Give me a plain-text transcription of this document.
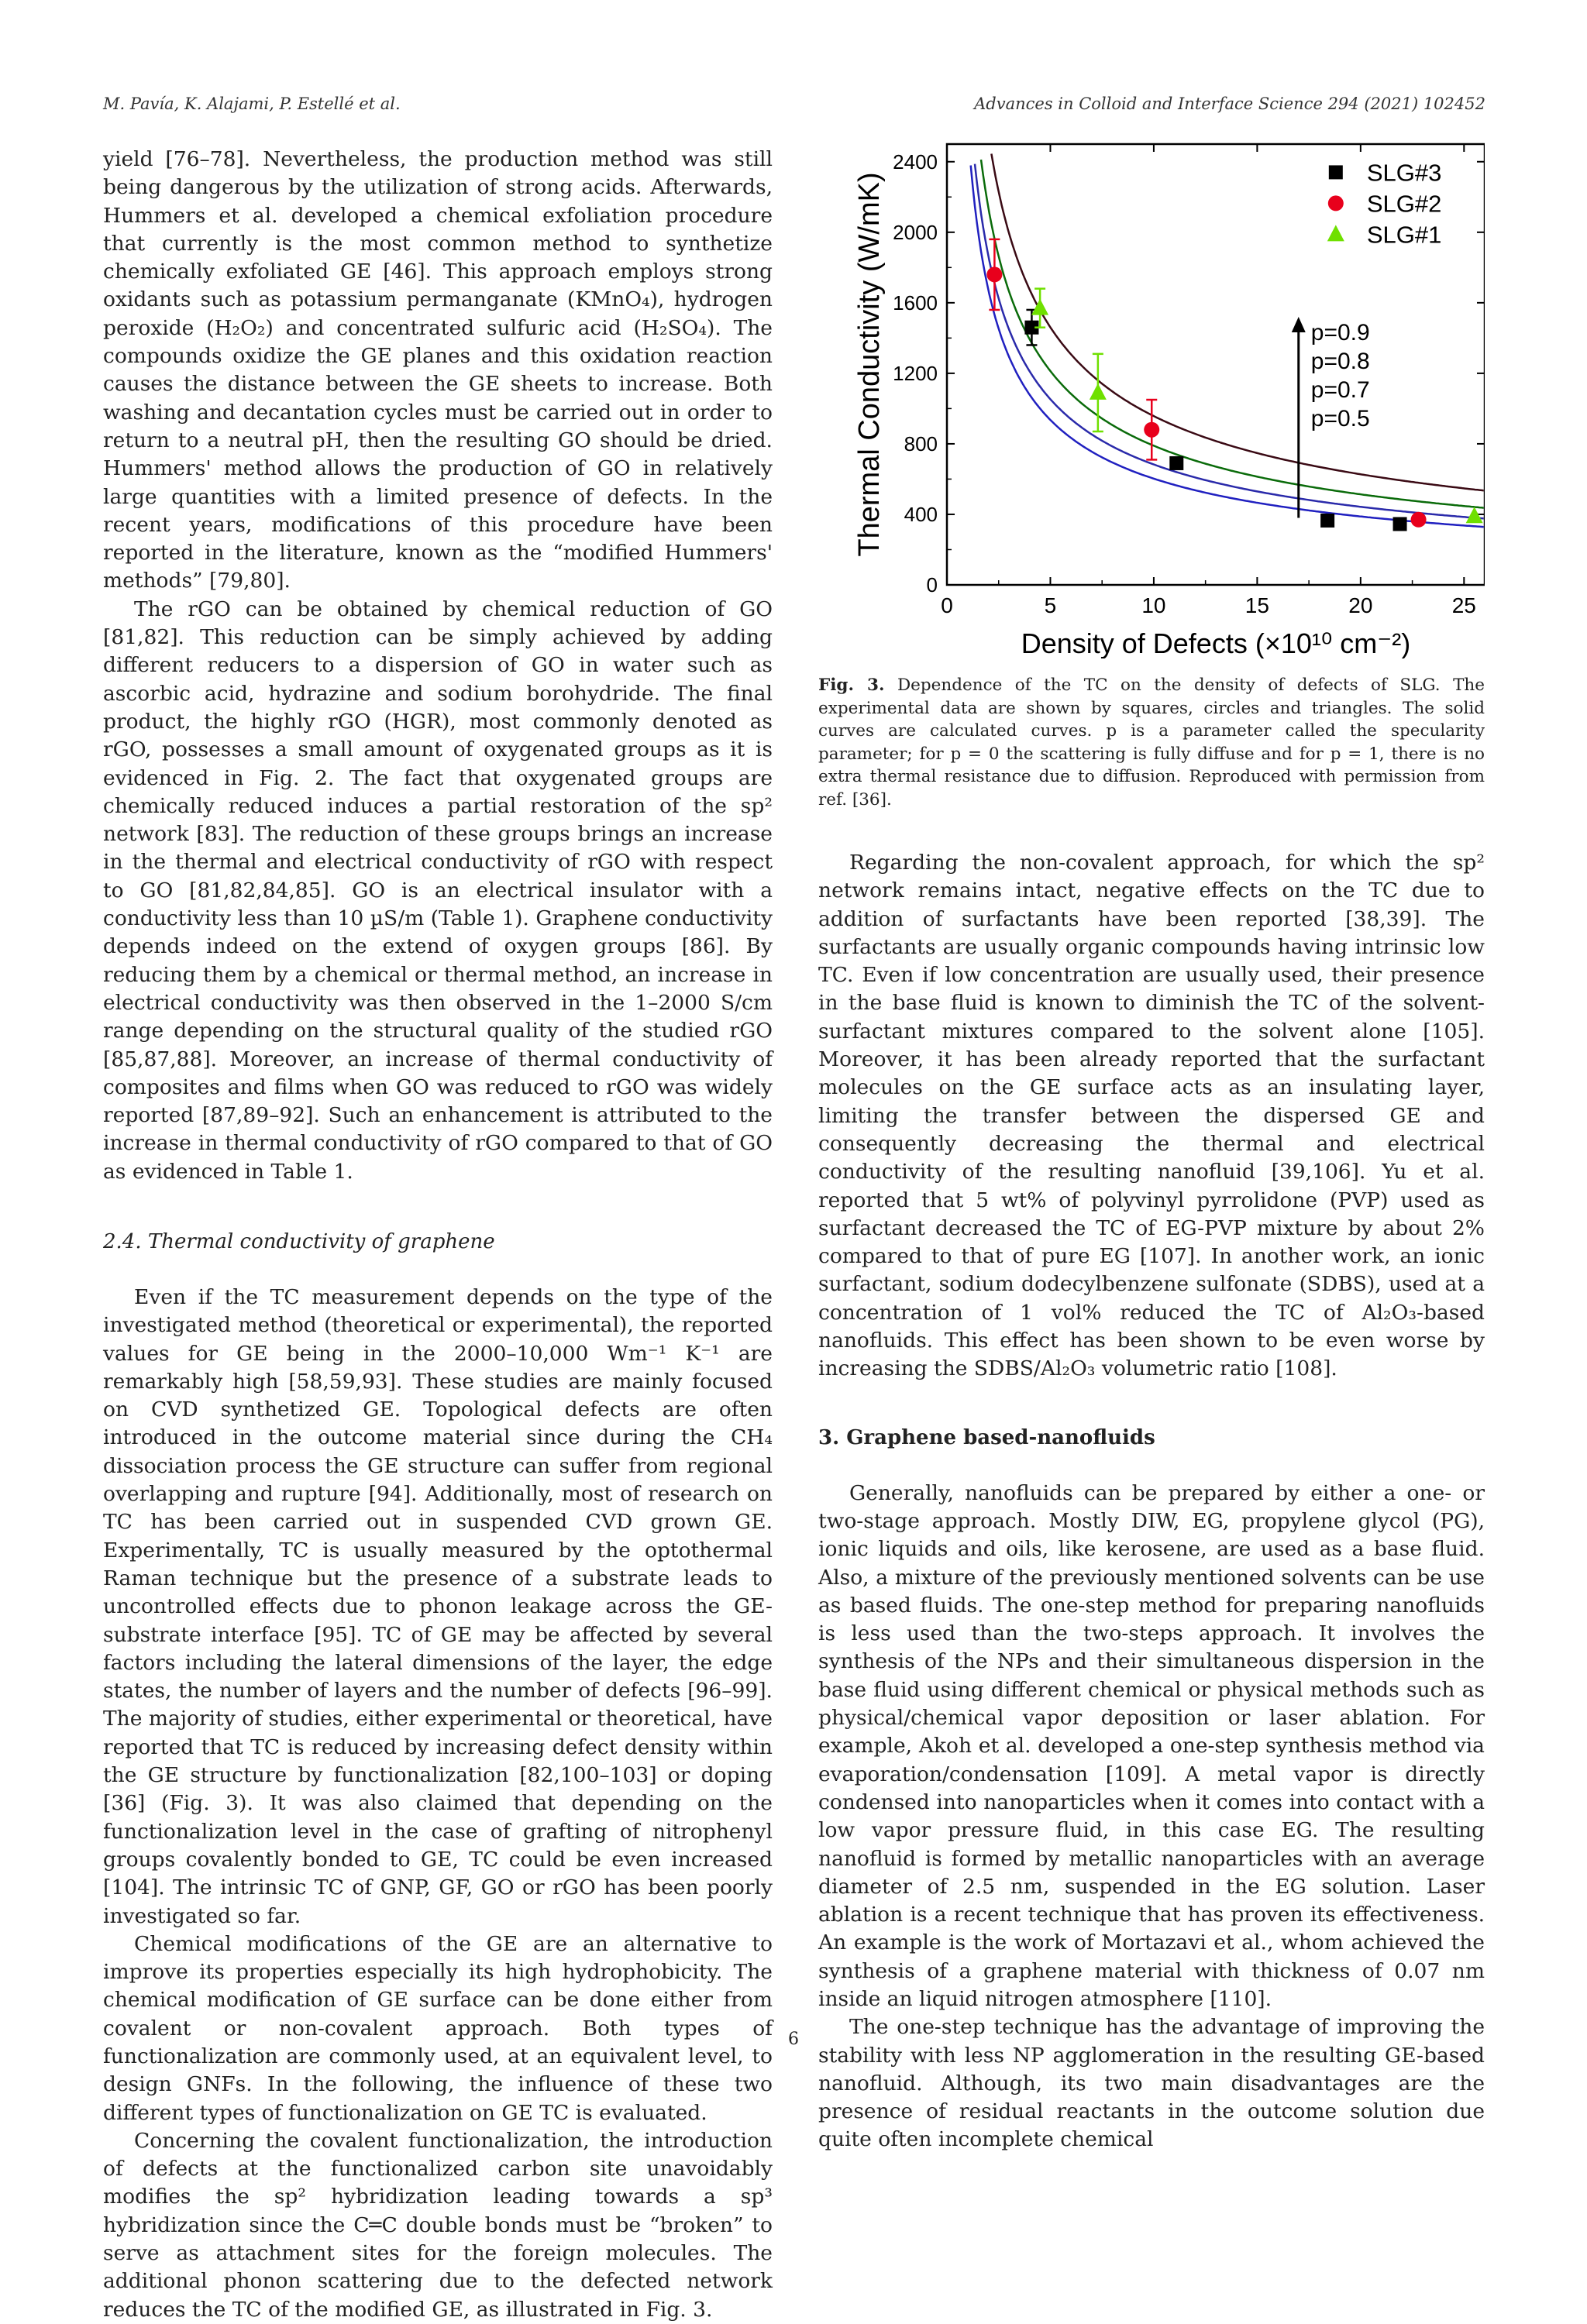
M. Pavía, K. Alajami, P. Estellé et al.	Advances in Colloid and Interface Science 294 (2021) 102452

yield [76–78]. Nevertheless, the production method was still being dangerous by the utilization of strong acids. Afterwards, Hummers et al. developed a chemical exfoliation procedure that currently is the most common method to synthetize chemically exfoliated GE [46]. This approach employs strong oxidants such as potassium permanganate (KMnO₄), hydrogen peroxide (H₂O₂) and concentrated sulfuric acid (H₂SO₄). The compounds oxidize the GE planes and this oxidation reaction causes the distance between the GE sheets to increase. Both washing and decantation cycles must be carried out in order to return to a neutral pH, then the resulting GO should be dried. Hummers' method allows the production of GO in relatively large quantities with a limited presence of defects. In the recent years, modifications of this procedure have been reported in the literature, known as the “modified Hummers' methods” [79,80].

The rGO can be obtained by chemical reduction of GO [81,82]. This reduction can be simply achieved by adding different reducers to a dispersion of GO in water such as ascorbic acid, hydrazine and sodium borohydride. The final product, the highly rGO (HGR), most commonly denoted as rGO, possesses a small amount of oxygenated groups as it is evidenced in Fig. 2. The fact that oxygenated groups are chemically reduced induces a partial restoration of the sp² network [83]. The reduction of these groups brings an increase in the thermal and electrical conductivity of rGO with respect to GO [81,82,84,85]. GO is an electrical insulator with a conductivity less than 10 µS/m (Table 1). Graphene conductivity depends indeed on the extend of oxygen groups [86]. By reducing them by a chemical or thermal method, an increase in electrical conductivity was then observed in the 1–2000 S/cm range depending on the structural quality of the studied rGO [85,87,88]. Moreover, an increase of thermal conductivity of composites and films when GO was reduced to rGO was widely reported [87,89–92]. Such an enhancement is attributed to the increase in thermal conductivity of rGO compared to that of GO as evidenced in Table 1.

2.4. Thermal conductivity of graphene

Even if the TC measurement depends on the type of the investigated method (theoretical or experimental), the reported values for GE being in the 2000–10,000 Wm⁻¹ K⁻¹ are remarkably high [58,59,93]. These studies are mainly focused on CVD synthetized GE. Topological defects are often introduced in the outcome material since during the CH₄ dissociation process the GE structure can suffer from regional overlapping and rupture [94]. Additionally, most of research on TC has been carried out in suspended CVD grown GE. Experimentally, TC is usually measured by the optothermal Raman technique but the presence of a substrate leads to uncontrolled effects due to phonon leakage across the GE-substrate interface [95]. TC of GE may be affected by several factors including the lateral dimensions of the layer, the edge states, the number of layers and the number of defects [96–99]. The majority of studies, either experimental or theoretical, have reported that TC is reduced by increasing defect density within the GE structure by functionalization [82,100–103] or doping [36] (Fig. 3). It was also claimed that depending on the functionalization level in the case of grafting of nitrophenyl groups covalently bonded to GE, TC could be even increased [104]. The intrinsic TC of GNP, GF, GO or rGO has been poorly investigated so far.

Chemical modifications of the GE are an alternative to improve its properties especially its high hydrophobicity. The chemical modification of GE surface can be done either from covalent or non-covalent approach. Both types of functionalization are commonly used, at an equivalent level, to design GNFs. In the following, the influence of these two different types of functionalization on GE TC is evaluated.

Concerning the covalent functionalization, the introduction of defects at the functionalized carbon site unavoidably modifies the sp² hybridization leading towards a sp³ hybridization since the C═C double bonds must be “broken” to serve as attachment sites for the foreign molecules. The additional phonon scattering due to the defected network reduces the TC of the modified GE, as illustrated in Fig. 3.

0	5	10	15	20	25
0
400
800
1200
1600
2000
2400
Density of Defects (×10¹⁰ cm⁻²)
Thermal Conductivity (W/mK)	p=0.9
p=0.8
p=0.7
p=0.5
SLG#3
SLG#2
SLG#1
Fig. 3. Dependence of the TC on the density of defects of SLG. The experimental data are shown by squares, circles and triangles. The solid curves are calculated curves. p is a parameter called the specularity parameter; for p = 0 the scattering is fully diffuse and for p = 1, there is no extra thermal resistance due to diffusion. Reproduced with permission from ref. [36].

Regarding the non-covalent approach, for which the sp² network remains intact, negative effects on the TC due to addition of surfactants have been reported [38,39]. The surfactants are usually organic compounds having intrinsic low TC. Even if low concentration are usually used, their presence in the base fluid is known to diminish the TC of the solvent-surfactant mixtures compared to the solvent alone [105]. Moreover, it has been already reported that the surfactant molecules on the GE surface acts as an insulating layer, limiting the transfer between the dispersed GE and consequently decreasing the thermal and electrical conductivity of the resulting nanofluid [39,106]. Yu et al. reported that 5 wt% of polyvinyl pyrrolidone (PVP) used as surfactant decreased the TC of EG-PVP mixture by about 2% compared to that of pure EG [107]. In another work, an ionic surfactant, sodium dodecylbenzene sulfonate (SDBS), used at a concentration of 1 vol% reduced the TC of Al₂O₃-based nanofluids. This effect has been shown to be even worse by increasing the SDBS/Al₂O₃ volumetric ratio [108].

3. Graphene based-nanofluids

Generally, nanofluids can be prepared by either a one- or two-stage approach. Mostly DIW, EG, propylene glycol (PG), ionic liquids and oils, like kerosene, are used as a base fluid. Also, a mixture of the previously mentioned solvents can be use as based fluids. The one-step method for preparing nanofluids is less used than the two-steps approach. It involves the synthesis of the NPs and their simultaneous dispersion in the base fluid using different chemical or physical methods such as physical/chemical vapor deposition or laser ablation. For example, Akoh et al. developed a one-step synthesis method via evaporation/condensation [109]. A metal vapor is directly condensed into nanoparticles when it comes into contact with a low vapor pressure fluid, in this case EG. The resulting nanofluid is formed by metallic nanoparticles with an average diameter of 2.5 nm, suspended in the EG solution. Laser ablation is a recent technique that has proven its effectiveness. An example is the work of Mortazavi et al., whom achieved the synthesis of a graphene material with thickness of 0.07 nm inside an liquid nitrogen atmosphere [110].

The one-step technique has the advantage of improving the stability with less NP agglomeration in the resulting GE-based nanofluid. Although, its two main disadvantages are the presence of residual reactants in the outcome solution due quite often incomplete chemical

6
